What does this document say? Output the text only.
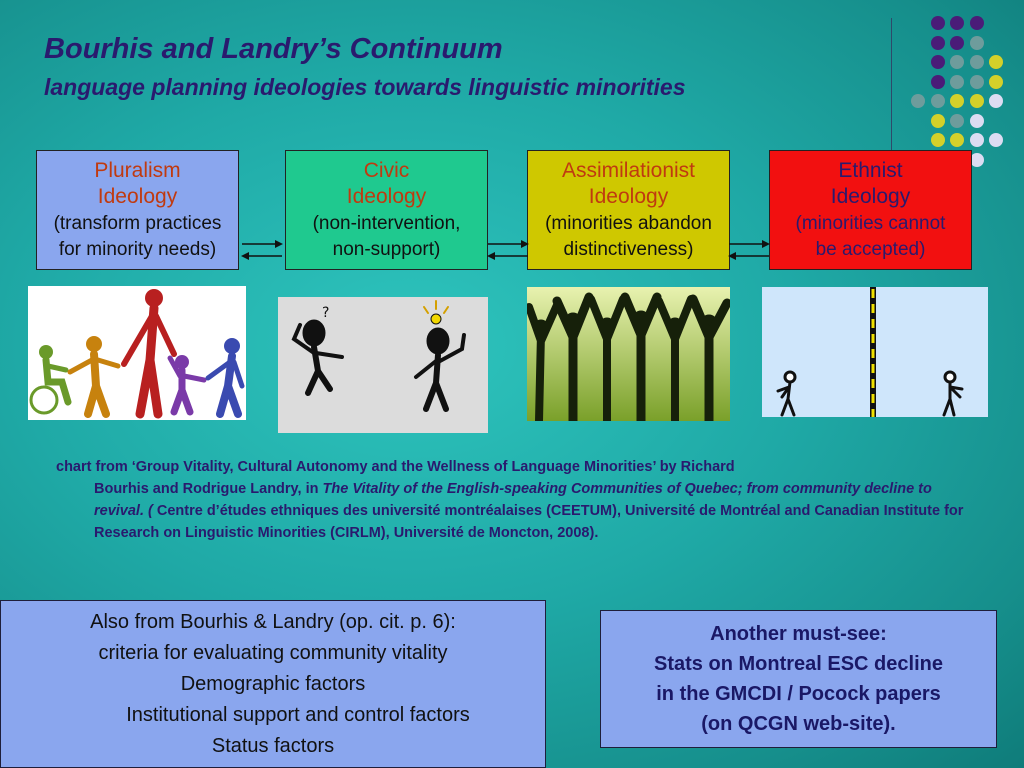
Bourhis and Landry’s Continuum
language planning ideologies towards linguistic minorities
Pluralism
Ideology
(transform practices
for minority needs)
Civic
Ideology
(non-intervention,
non-support)
Assimilationist
Ideology
(minorities abandon
distinctiveness)
Ethnist
Ideology
(minorities cannot
be accepted)
?
chart from ‘Group Vitality, Cultural Autonomy and the Wellness of Language Minorities’ by Richard
Bourhis and Rodrigue Landry, in The Vitality of the English-speaking Communities of Quebec; from community decline to revival. ( Centre d’études ethniques des université montréalaises (CEETUM), Université de Montréal and Canadian Institute for Research on Linguistic Minorities (CIRLM), Université de Moncton, 2008).
Also from Bourhis & Landry (op. cit. p. 6):
criteria for evaluating community vitality
Demographic factors
Institutional support and control factors
Status factors
Another must-see:
Stats on Montreal ESC decline
in the GMCDI / Pocock papers
(on QCGN web-site).
